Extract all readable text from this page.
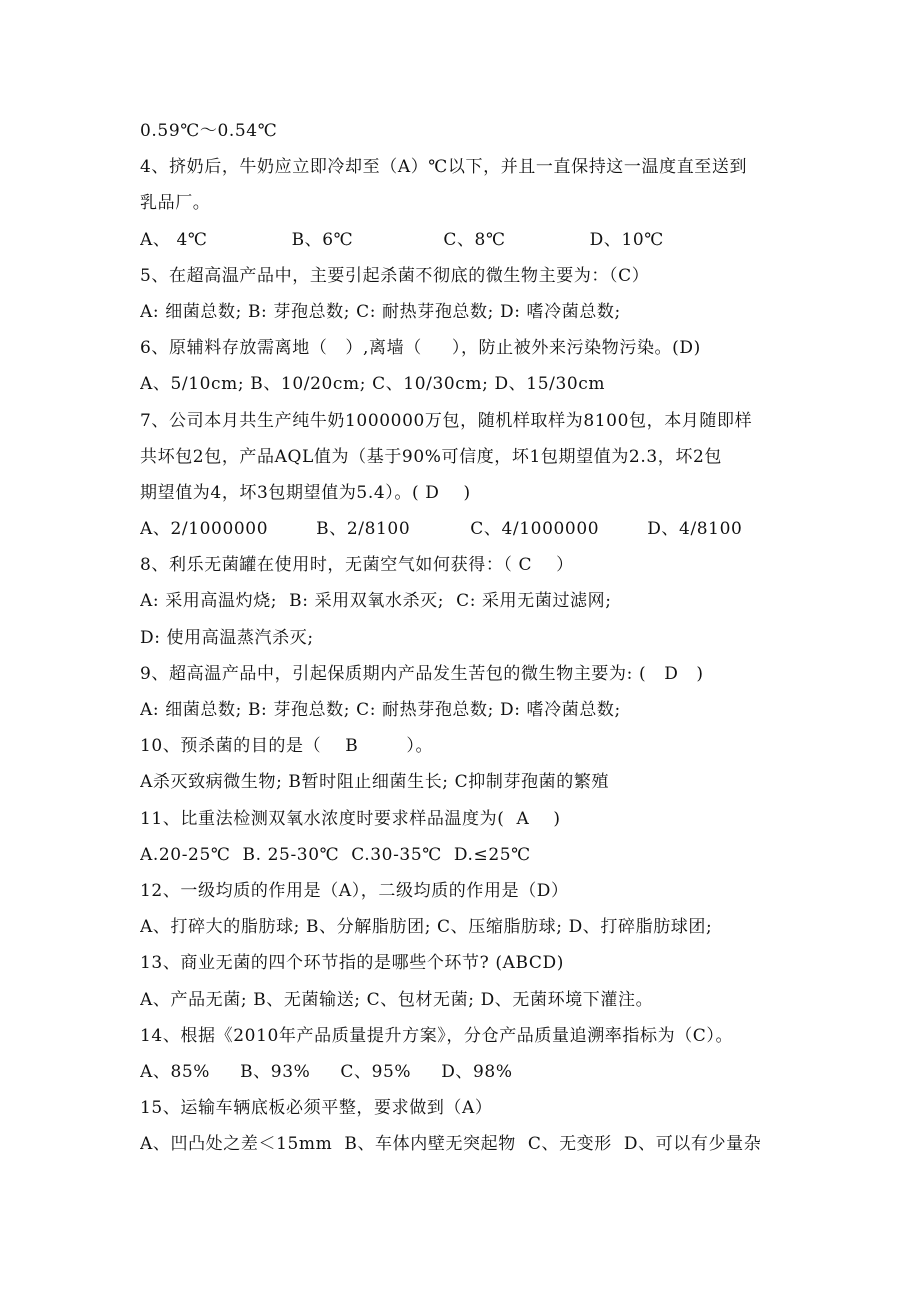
0.59℃～0.54℃
4、挤奶后，牛奶应立即冷却至（A）℃以下，并且一直保持这一温度直至送到
乳品厂。
A、 4℃              B、6℃               C、8℃              D、10℃
5、在超高温产品中，主要引起杀菌不彻底的微生物主要为：（C）
A: 细菌总数; B: 芽孢总数; C: 耐热芽孢总数; D: 嗜冷菌总数;
6、原辅料存放需离地（   ）,离墙（     ），防止被外来污染物污染。(D)
A、5/10cm; B、10/20cm; C、10/30cm; D、15/30cm
7、公司本月共生产纯牛奶1000000万包，随机样取样为8100包，本月随即样
共坏包2包，产品AQL值为（基于90%可信度，坏1包期望值为2.3，坏2包
期望值为4，坏3包期望值为5.4）。( D    )
A、2/1000000        B、2/8100          C、4/1000000        D、4/8100
8、利乐无菌罐在使用时，无菌空气如何获得：（ C    ）
A: 采用高温灼烧;  B: 采用双氧水杀灭;  C: 采用无菌过滤网;
D: 使用高温蒸汽杀灭;
9、超高温产品中，引起保质期内产品发生苦包的微生物主要为: (   D   )
A: 细菌总数; B: 芽孢总数; C: 耐热芽孢总数; D: 嗜冷菌总数;
10、预杀菌的目的是（    B        ）。
A杀灭致病微生物; B暂时阻止细菌生长; C抑制芽孢菌的繁殖
11、比重法检测双氧水浓度时要求样品温度为(  A    )
A.20-25℃  B. 25-30℃  C.30-35℃  D.≤25℃
12、一级均质的作用是（A），二级均质的作用是（D）
A、打碎大的脂肪球; B、分解脂肪团; C、压缩脂肪球; D、打碎脂肪球团;
13、商业无菌的四个环节指的是哪些个环节? (ABCD)
A、产品无菌; B、无菌输送; C、包材无菌; D、无菌环境下灌注。
14、根据《2010年产品质量提升方案》，分仓产品质量追溯率指标为（C）。
A、85%     B、93%     C、95%     D、98%
15、运输车辆底板必须平整，要求做到（A）
A、凹凸处之差＜15mm  B、车体内壁无突起物  C、无变形  D、可以有少量杂
